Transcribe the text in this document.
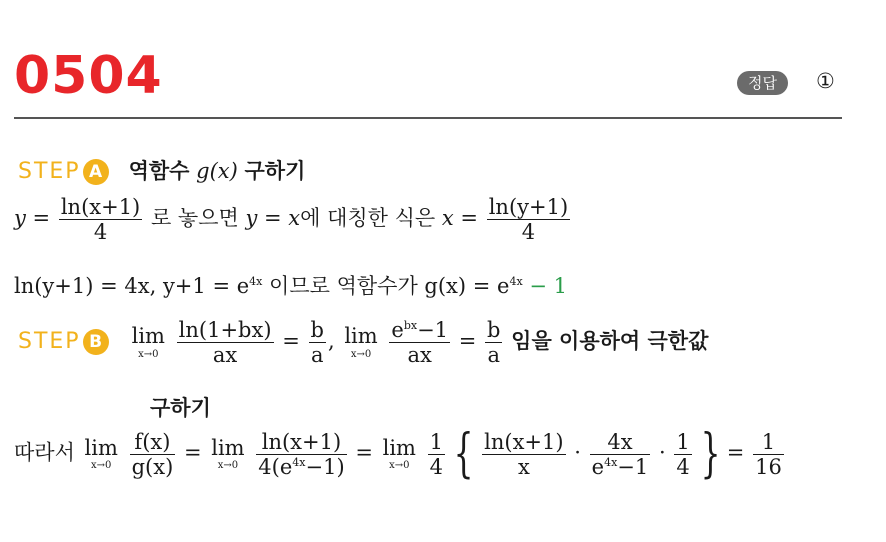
0504	정답	①
STEP A 역함수 g(x) 구하기
$y = \frac{\ln(x+1)}{4}$ 로 놓으면 y = x에 대칭한 식은 $x = \frac{\ln(y+1)}{4}$
ln(y+1) = 4x, $y+1 = e^{4x}$ 이므로 역함수가 $g(x) = e^{4x} - 1$
STEP B lim
x→0
$\frac{\ln(1+bx)}{ax} = \frac{b}{a}$ , lim
x→0
$\frac{e^{bx}-1}{ax} = \frac{b}{a}$ 임을 이용하여 극한값
구하기
따라서 lim
x→0
$\frac{f(x)}{g(x)} = \lim$
x→0
$\frac{\ln(x+1)}{4(e^{4x}-1)} = \lim$
x→0
$\frac{1}{4}$ { $\frac{\ln(x+1)}{x} \cdot \frac{4x}{e^{4x}-1} \cdot \frac{1}{4}$ } = $\frac{1}{16}$
